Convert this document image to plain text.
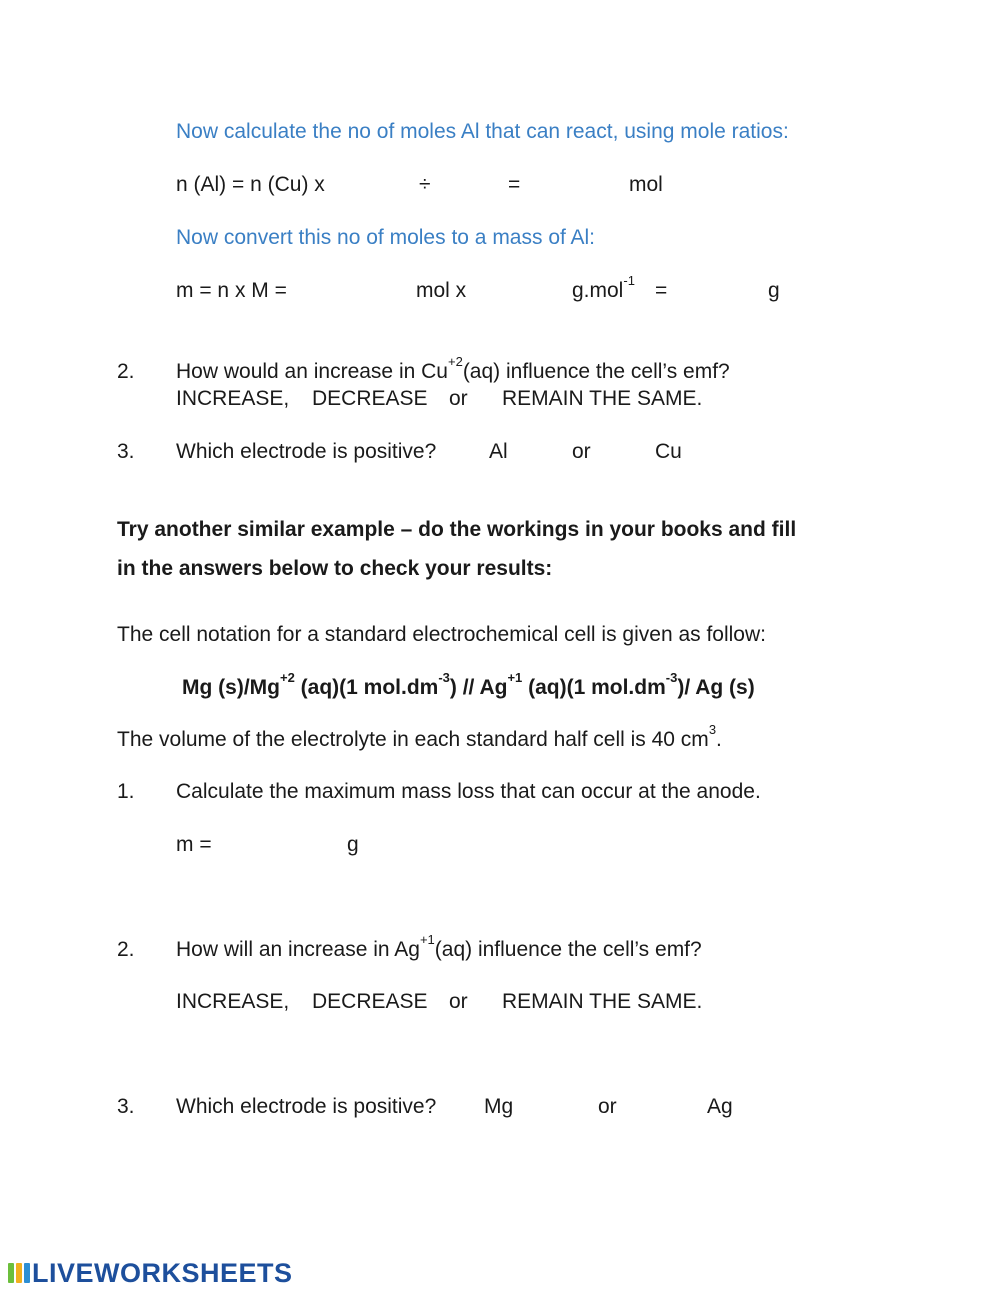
Now calculate the no of moles Al that can react, using mole ratios:
n (Al) = n (Cu) x	÷	=	mol
Now convert this no of moles to a mass of Al:
m = n x M =	mol x	g.mol$^{-1}$ =	g
2. How would an increase in $Cu^{+2}(aq)$ influence the cell’s emf?
INCREASE, DECREASE or REMAIN THE SAME.
3. Which electrode is positive?	Al	or	Cu
Try another similar example – do the workings in your books and fill
in the answers below to check your results:
The cell notation for a standard electrochemical cell is given as follow:
Mg $(s)/Mg^{+2}$ (aq)(1 $mol.dm^{-3}) // Ag^{+1}$ (aq)(1 $mol.dm^{-3})/$ Ag (s)
The volume of the electrolyte in each standard half cell is 40 $cm^3$.
1. Calculate the maximum mass loss that can occur at the anode.
m =	g
2. How will an increase in $Ag^{+1}(aq)$ influence the cell’s emf?
INCREASE, DECREASE or REMAIN THE SAME.
3. Which electrode is positive? Mg	or	Ag
LIVEWORKSHEETS
